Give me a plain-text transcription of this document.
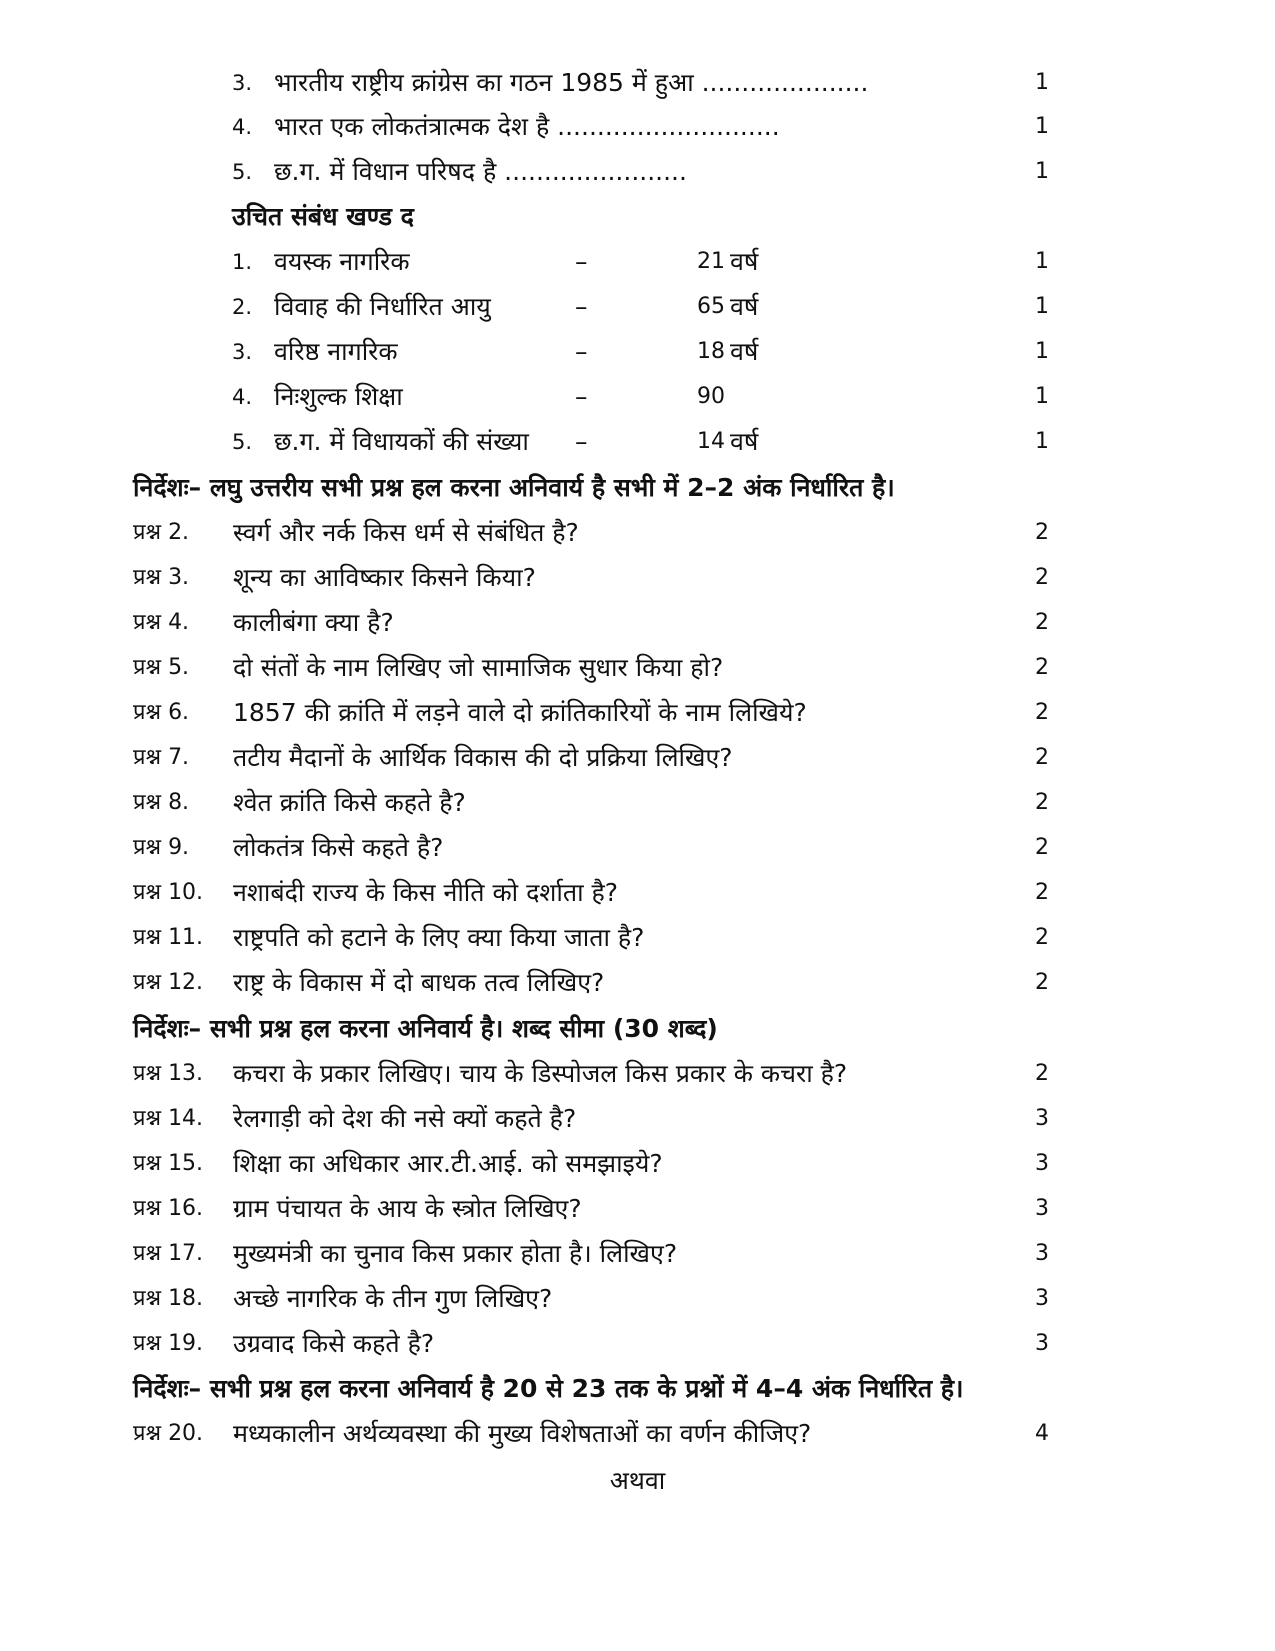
3. भारतीय राष्ट्रीय क्रांग्रेस का गठन 1985 में हुआ .....................	1
4. भारत एक लोकतंत्रात्मक देश है ............................	1
5. छ.ग. में विधान परिषद है .......................	1
उचित संबंध खण्ड द
1. वयस्क नागरिक	–	21 वर्ष	1
2. विवाह की निर्धारित आयु	–	65 वर्ष	1
3. वरिष्ठ नागरिक	–	18 वर्ष	1
4. निःशुल्क शिक्षा	–	90	1
5. छ.ग. में विधायकों की संख्या –	14 वर्ष	1
निर्देशः– लघु उत्तरीय सभी प्रश्न हल करना अनिवार्य है सभी में 2–2 अंक निर्धारित है।
प्रश्न 2. स्वर्ग और नर्क किस धर्म से संबंधित है?	2
प्रश्न 3. शून्य का आविष्कार किसने किया?	2
प्रश्न 4. कालीबंगा क्या है?	2
प्रश्न 5. दो संतों के नाम लिखिए जो सामाजिक सुधार किया हो?	2
प्रश्न 6. 1857 की क्रांति में लड़ने वाले दो क्रांतिकारियों के नाम लिखिये?	2
प्रश्न 7. तटीय मैदानों के आर्थिक विकास की दो प्रक्रिया लिखिए?	2
प्रश्न 8. श्वेत क्रांति किसे कहते है?	2
प्रश्न 9. लोकतंत्र किसे कहते है?	2
प्रश्न 10. नशाबंदी राज्य के किस नीति को दर्शाता है?	2
प्रश्न 11. राष्ट्रपति को हटाने के लिए क्या किया जाता है?	2
प्रश्न 12. राष्ट्र के विकास में दो बाधक तत्व लिखिए?	2
निर्देशः– सभी प्रश्न हल करना अनिवार्य है। शब्द सीमा (30 शब्द)
प्रश्न 13. कचरा के प्रकार लिखिए। चाय के डिस्पोजल किस प्रकार के कचरा है?	2
प्रश्न 14. रेलगाड़ी को देश की नसे क्यों कहते है?	3
प्रश्न 15. शिक्षा का अधिकार आर.टी.आई. को समझाइये?	3
प्रश्न 16. ग्राम पंचायत के आय के स्त्रोत लिखिए?	3
प्रश्न 17. मुख्यमंत्री का चुनाव किस प्रकार होता है। लिखिए?	3
प्रश्न 18. अच्छे नागरिक के तीन गुण लिखिए?	3
प्रश्न 19. उग्रवाद किसे कहते है?	3
निर्देशः– सभी प्रश्न हल करना अनिवार्य है 20 से 23 तक के प्रश्नों में 4–4 अंक निर्धारित है।
प्रश्न 20. मध्यकालीन अर्थव्यवस्था की मुख्य विशेषताओं का वर्णन कीजिए?	4
अथवा
